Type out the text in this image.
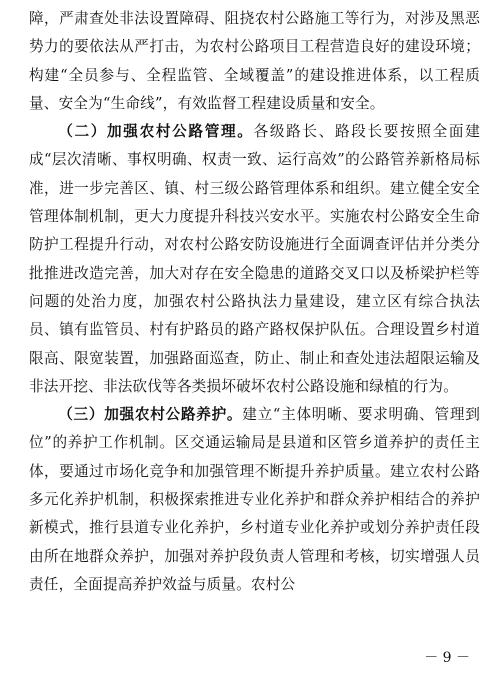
障，严肃查处非法设置障碍、阻挠农村公路施工等行为，对涉及黑恶势力的要依法从严打击，为农村公路项目工程营造良好的建设环境；构建“全员参与、全程监管、全域覆盖”的建设推进体系，以工程质量、安全为“生命线”，有效监督工程建设质量和安全。

（二）加强农村公路管理。各级路长、路段长要按照全面建成“层次清晰、事权明确、权责一致、运行高效”的公路管养新格局标准，进一步完善区、镇、村三级公路管理体系和组织。建立健全安全管理体制机制，更大力度提升科技兴安水平。实施农村公路安全生命防护工程提升行动，对农村公路安防设施进行全面调查评估并分类分批推进改造完善，加大对存在安全隐患的道路交叉口以及桥梁护栏等问题的处治力度，加强农村公路执法力量建设，建立区有综合执法员、镇有监管员、村有护路员的路产路权保护队伍。合理设置乡村道限高、限宽装置，加强路面巡查，防止、制止和查处违法超限运输及非法开挖、非法砍伐等各类损坏破坏农村公路设施和绿植的行为。

（三）加强农村公路养护。建立“主体明晰、要求明确、管理到位”的养护工作机制。区交通运输局是县道和区管乡道养护的责任主体，要通过市场化竞争和加强管理不断提升养护质量。建立农村公路多元化养护机制，积极探索推进专业化养护和群众养护相结合的养护新模式，推行县道专业化养护，乡村道专业化养护或划分养护责任段由所在地群众养护，加强对养护段负责人管理和考核，切实增强人员责任，全面提高养护效益与质量。农村公

－ 9 －
